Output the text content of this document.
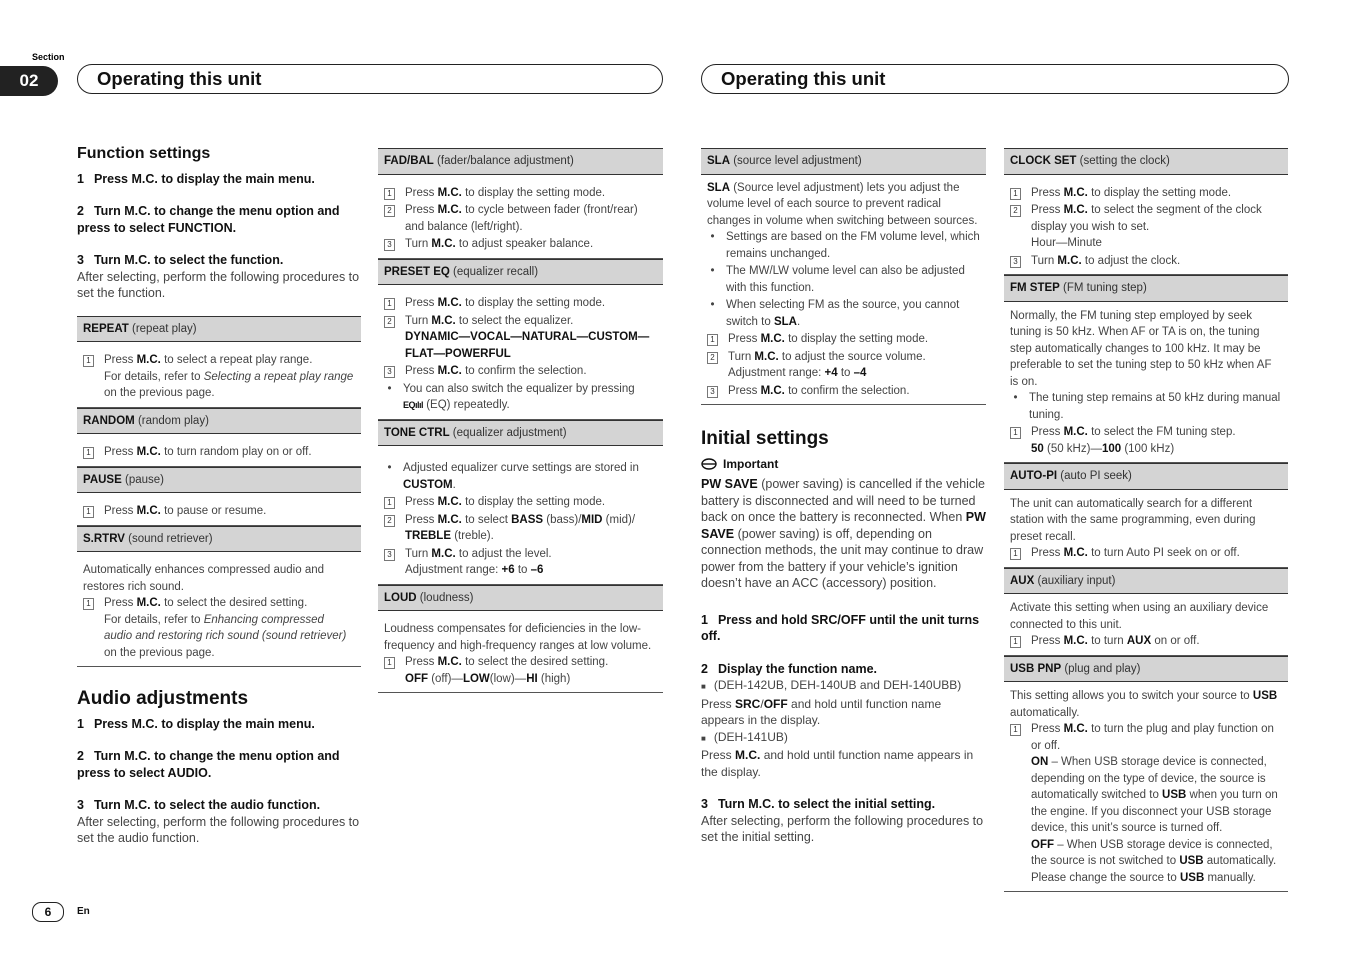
Section
02	Operating this unit	Operating this unit
Function settings
1 Press M.C. to display the main menu.
2 Turn M.C. to change the menu option and press to select FUNCTION.
3 Turn M.C. to select the function.
After selecting, perform the following procedures to set the function.
REPEAT (repeat play)
1 Press M.C. to select a repeat play range.
For details, refer to Selecting a repeat play range on the previous page.
RANDOM (random play)
1 Press M.C. to turn random play on or off.
PAUSE (pause)
1 Press M.C. to pause or resume.
S.RTRV (sound retriever)
Automatically enhances compressed audio and restores rich sound.
1 Press M.C. to select the desired setting.
For details, refer to Enhancing compressed audio and restoring rich sound (sound retriever) on the previous page.
Audio adjustments
1 Press M.C. to display the main menu.
2 Turn M.C. to change the menu option and press to select AUDIO.
3 Turn M.C. to select the audio function.
After selecting, perform the following procedures to set the audio function.
FAD/BAL (fader/balance adjustment)
1 Press M.C. to display the setting mode.
2 Press M.C. to cycle between fader (front/rear) and balance (left/right).
3 Turn M.C. to adjust speaker balance.
PRESET EQ (equalizer recall)
1 Press M.C. to display the setting mode.
2 Turn M.C. to select the equalizer.
DYNAMIC—VOCAL—NATURAL—CUSTOM—FLAT—POWERFUL
3 Press M.C. to confirm the selection.
• You can also switch the equalizer by pressing
EQılıl (EQ) repeatedly.
TONE CTRL (equalizer adjustment)
• Adjusted equalizer curve settings are stored in CUSTOM.
1 Press M.C. to display the setting mode.
2 Press M.C. to select BASS (bass)/MID (mid)/
TREBLE (treble).
3 Turn M.C. to adjust the level.
Adjustment range: +6 to –6
LOUD (loudness)
Loudness compensates for deficiencies in the low-frequency and high-frequency ranges at low volume.
1 Press M.C. to select the desired setting.
OFF (off)—LOW(low)—HI (high)
SLA (source level adjustment)
SLA (Source level adjustment) lets you adjust the volume level of each source to prevent radical changes in volume when switching between sources.
• Settings are based on the FM volume level, which remains unchanged.
• The MW/LW volume level can also be adjusted with this function.
• When selecting FM as the source, you cannot switch to SLA.
1 Press M.C. to display the setting mode.
2 Turn M.C. to adjust the source volume.
Adjustment range: +4 to –4
3 Press M.C. to confirm the selection.
Initial settings
Important
PW SAVE (power saving) is cancelled if the vehicle battery is disconnected and will need to be turned back on once the battery is reconnected. When PW SAVE (power saving) is off, depending on connection methods, the unit may continue to draw power from the battery if your vehicle’s ignition doesn’t have an ACC (accessory) position.
1 Press and hold SRC/OFF until the unit turns off.
2 Display the function name.
■ (DEH-142UB, DEH-140UB and DEH-140UBB)
Press SRC/OFF and hold until function name appears in the display.
■ (DEH-141UB)
Press M.C. and hold until function name appears in the display.
3 Turn M.C. to select the initial setting.
After selecting, perform the following procedures to set the initial setting.
CLOCK SET (setting the clock)
1 Press M.C. to display the setting mode.
2 Press M.C. to select the segment of the clock display you wish to set.
Hour—Minute
3 Turn M.C. to adjust the clock.
FM STEP (FM tuning step)
Normally, the FM tuning step employed by seek tuning is 50 kHz. When AF or TA is on, the tuning step automatically changes to 100 kHz. It may be preferable to set the tuning step to 50 kHz when AF is on.
• The tuning step remains at 50 kHz during manual tuning.
1 Press M.C. to select the FM tuning step.
50 (50 kHz)—100 (100 kHz)
AUTO-PI (auto PI seek)
The unit can automatically search for a different station with the same programming, even during preset recall.
1 Press M.C. to turn Auto PI seek on or off.
AUX (auxiliary input)
Activate this setting when using an auxiliary device connected to this unit.
1 Press M.C. to turn AUX on or off.
USB PNP (plug and play)
This setting allows you to switch your source to USB automatically.
1 Press M.C. to turn the plug and play function on or off.
ON – When USB storage device is connected, depending on the type of device, the source is automatically switched to USB when you turn on the engine. If you disconnect your USB storage device, this unit’s source is turned off.
OFF – When USB storage device is connected, the source is not switched to USB automatically. Please change the source to USB manually.
6	En
